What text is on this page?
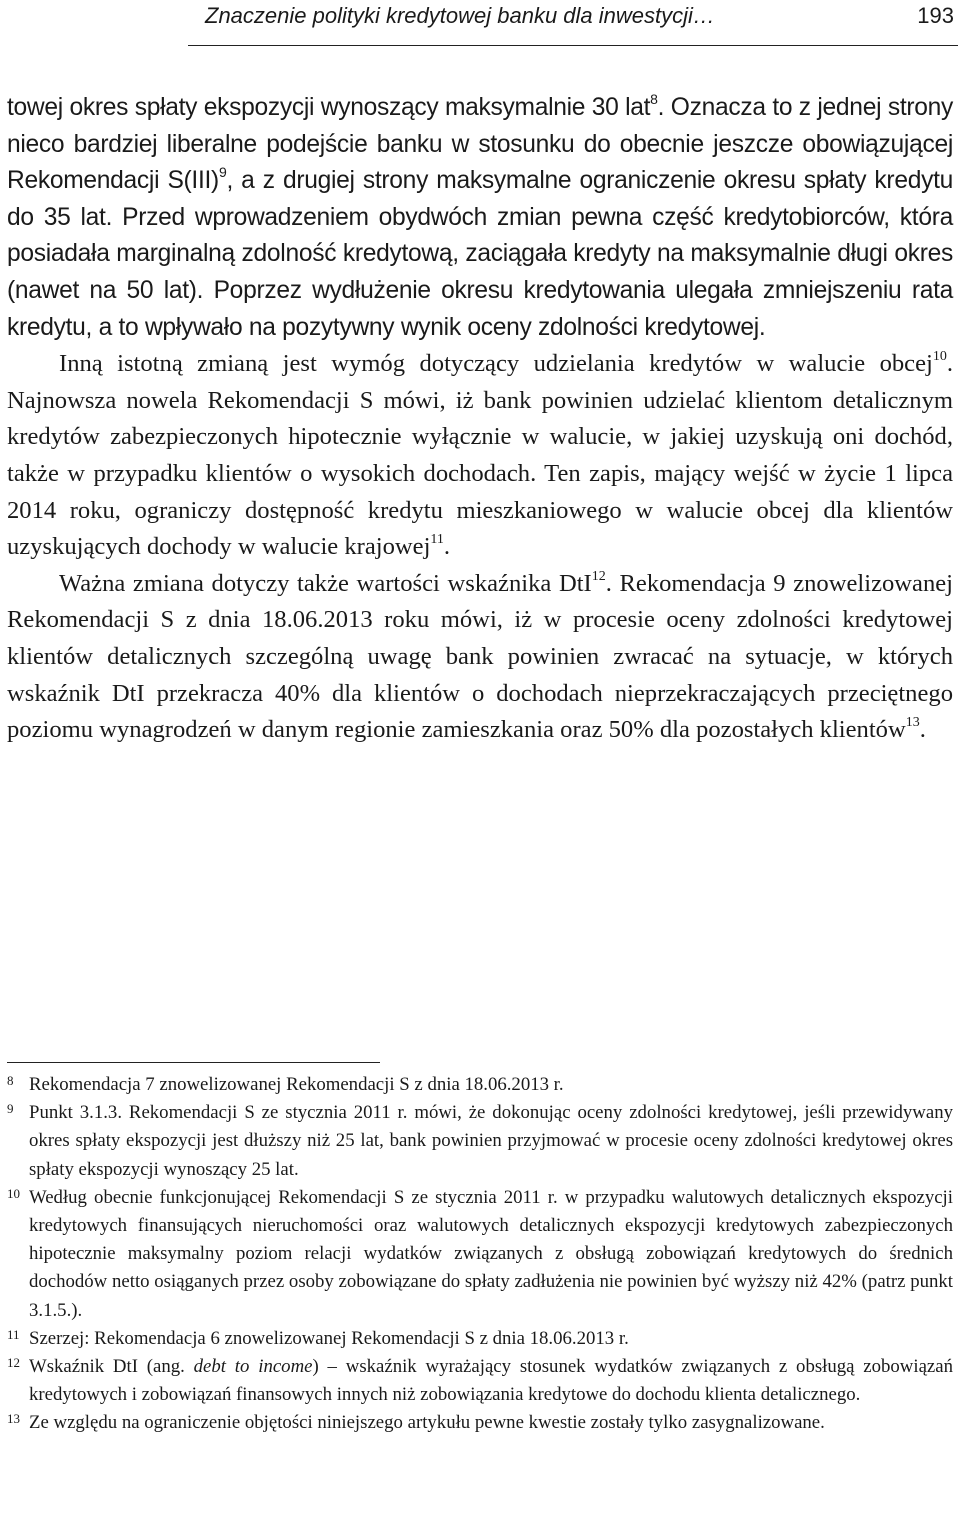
Znaczenie polityki kredytowej banku dla inwestycji…	193

towej okres spłaty ekspozycji wynoszący maksymalnie 30 lat$^8$. Oznacza to z jednej strony nieco bardziej liberalne podejście banku w stosunku do obecnie jeszcze obowiązującej Rekomendacji S(III)$^9$, a z drugiej strony maksymalne ograniczenie okresu spłaty kredytu do 35 lat. Przed wprowadzeniem obydwóch zmian pewna część kredytobiorców, która posiadała marginalną zdolność kredytową, zaciągała kredyty na maksymalnie długi okres (nawet na 50 lat). Poprzez wydłużenie okresu kredytowania ulegała zmniejszeniu rata kredytu, a to wpływało na pozytywny wynik oceny zdolności kredytowej.

Inną istotną zmianą jest wymóg dotyczący udzielania kredytów w walucie obcej$^{10}$. Najnowsza nowela Rekomendacji S mówi, iż bank powinien udzielać klientom detalicznym kredytów zabezpieczonych hipotecznie wyłącznie w walucie, w jakiej uzyskują oni dochód, także w przypadku klientów o wysokich dochodach. Ten zapis, mający wejść w życie 1 lipca 2014 roku, ograniczy dostępność kredytu mieszkaniowego w walucie obcej dla klientów uzyskujących dochody w walucie krajowej$^{11}$.

Ważna zmiana dotyczy także wartości wskaźnika DtI$^{12}$. Rekomendacja 9 znowelizowanej Rekomendacji S z dnia 18.06.2013 roku mówi, iż w procesie oceny zdolności kredytowej klientów detalicznych szczególną uwagę bank powinien zwracać na sytuacje, w których wskaźnik DtI przekracza 40% dla klientów o dochodach nieprzekraczających przeciętnego poziomu wynagrodzeń w danym regionie zamieszkania oraz 50% dla pozostałych klientów$^{13}$.

8 Rekomendacja 7 znowelizowanej Rekomendacji S z dnia 18.06.2013 r.

9 Punkt 3.1.3. Rekomendacji S ze stycznia 2011 r. mówi, że dokonując oceny zdolności kredytowej, jeśli przewidywany okres spłaty ekspozycji jest dłuższy niż 25 lat, bank powinien przyjmować w procesie oceny zdolności kredytowej okres spłaty ekspozycji wynoszący 25 lat.

10 Według obecnie funkcjonującej Rekomendacji S ze stycznia 2011 r. w przypadku walutowych detalicznych ekspozycji kredytowych finansujących nieruchomości oraz walutowych detalicznych ekspozycji kredytowych zabezpieczonych hipotecznie maksymalny poziom relacji wydatków związanych z obsługą zobowiązań kredytowych do średnich dochodów netto osiąganych przez osoby zobowiązane do spłaty zadłużenia nie powinien być wyższy niż 42% (patrz punkt 3.1.5.).

11 Szerzej: Rekomendacja 6 znowelizowanej Rekomendacji S z dnia 18.06.2013 r.

12 Wskaźnik DtI (ang. debt to income) – wskaźnik wyrażający stosunek wydatków związanych z obsługą zobowiązań kredytowych i zobowiązań finansowych innych niż zobowiązania kredytowe do dochodu klienta detalicznego.

13 Ze względu na ograniczenie objętości niniejszego artykułu pewne kwestie zostały tylko zasygnalizowane.
